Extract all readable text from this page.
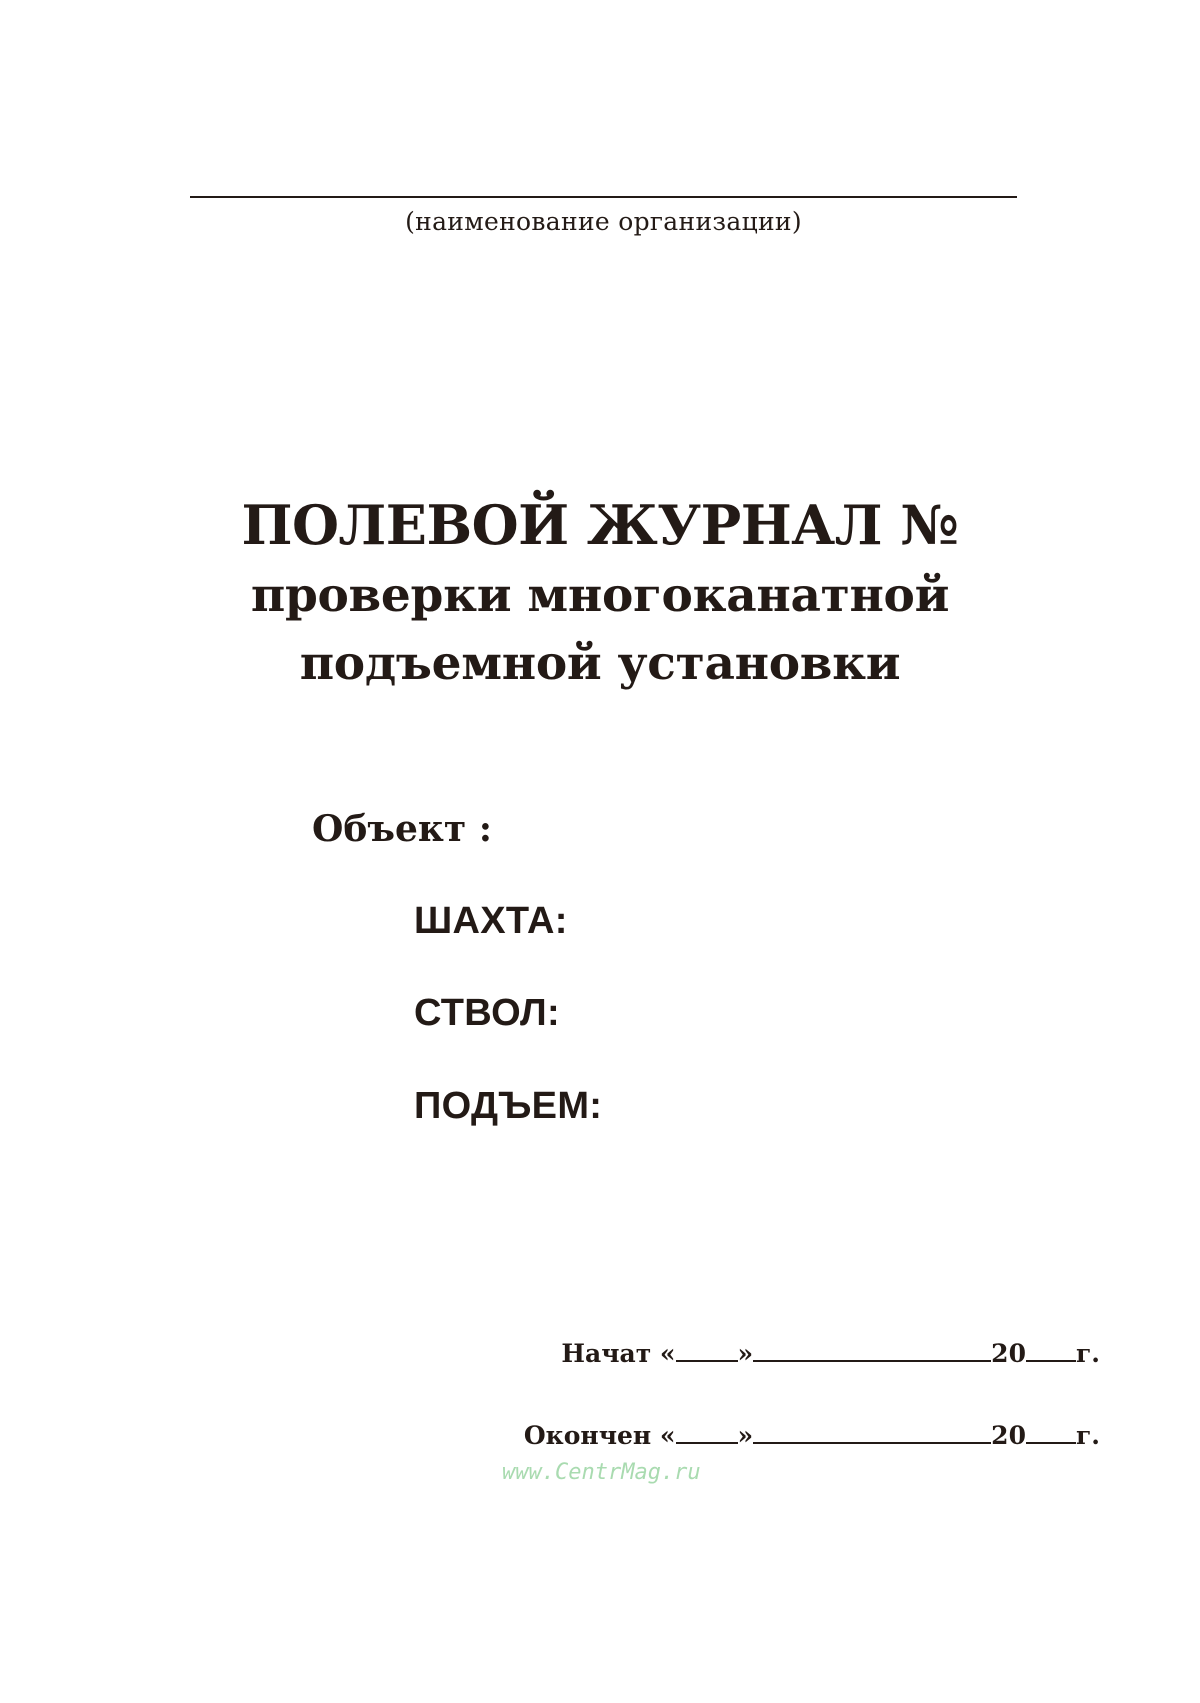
(наименование организации)
ПОЛЕВОЙ ЖУРНАЛ №
проверки многоканатной
подъемной установки
Объект :
ШАХТА:
СТВОЛ:
ПОДЪЕМ:
Начат « »	20 г.
Окончен « »	20 г.
www.CentrMag.ru
